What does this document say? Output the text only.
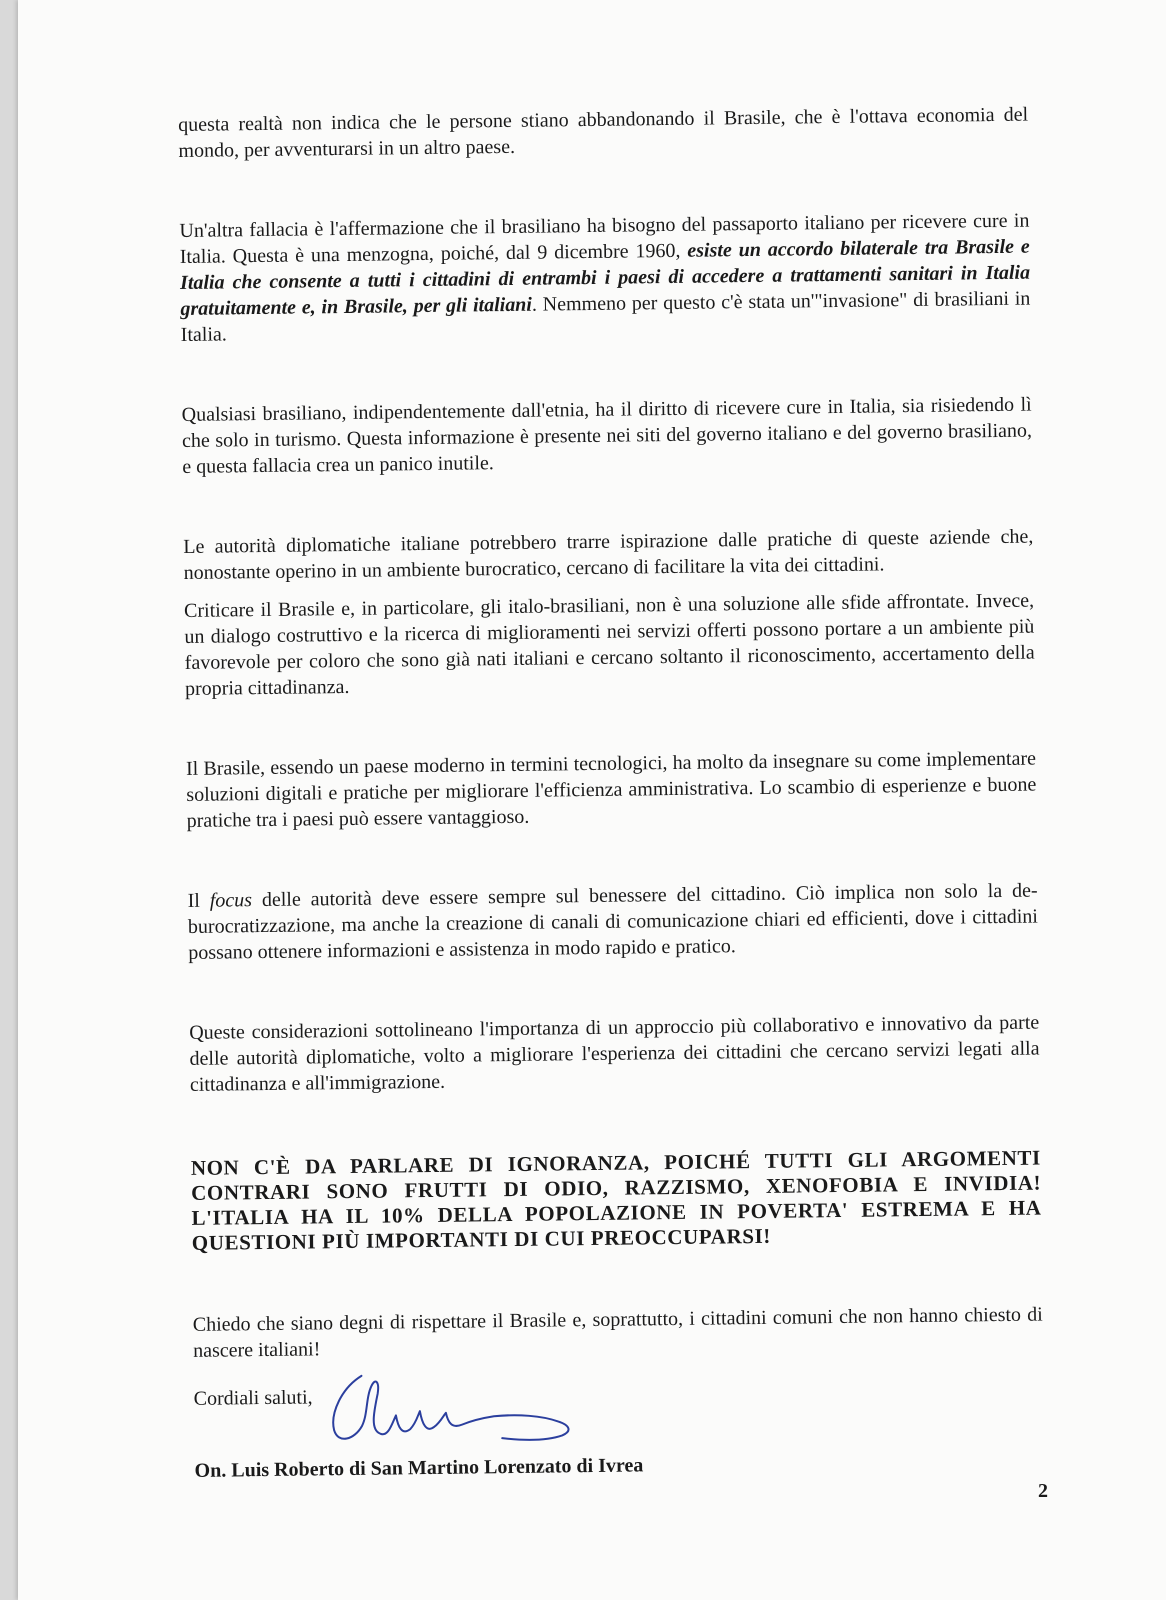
questa realtà non indica che le persone stiano abbandonando il Brasile, che è l'ottava economia del mondo, per avventurarsi in un altro paese.

Un'altra fallacia è l'affermazione che il brasiliano ha bisogno del passaporto italiano per ricevere cure in Italia. Questa è una menzogna, poiché, dal 9 dicembre 1960, esiste un accordo bilaterale tra Brasile e Italia che consente a tutti i cittadini di entrambi i paesi di accedere a trattamenti sanitari in Italia gratuitamente e, in Brasile, per gli italiani. Nemmeno per questo c'è stata un'"invasione" di brasiliani in Italia.

Qualsiasi brasiliano, indipendentemente dall'etnia, ha il diritto di ricevere cure in Italia, sia risiedendo lì che solo in turismo. Questa informazione è presente nei siti del governo italiano e del governo brasiliano, e questa fallacia crea un panico inutile.

Le autorità diplomatiche italiane potrebbero trarre ispirazione dalle pratiche di queste aziende che, nonostante operino in un ambiente burocratico, cercano di facilitare la vita dei cittadini.

Criticare il Brasile e, in particolare, gli italo-brasiliani, non è una soluzione alle sfide affrontate. Invece, un dialogo costruttivo e la ricerca di miglioramenti nei servizi offerti possono portare a un ambiente più favorevole per coloro che sono già nati italiani e cercano soltanto il riconoscimento, accertamento della propria cittadinanza.

Il Brasile, essendo un paese moderno in termini tecnologici, ha molto da insegnare su come implementare soluzioni digitali e pratiche per migliorare l'efficienza amministrativa. Lo scambio di esperienze e buone pratiche tra i paesi può essere vantaggioso.

Il focus delle autorità deve essere sempre sul benessere del cittadino. Ciò implica non solo la de-burocratizzazione, ma anche la creazione di canali di comunicazione chiari ed efficienti, dove i cittadini possano ottenere informazioni e assistenza in modo rapido e pratico.

Queste considerazioni sottolineano l'importanza di un approccio più collaborativo e innovativo da parte delle autorità diplomatiche, volto a migliorare l'esperienza dei cittadini che cercano servizi legati alla cittadinanza e all'immigrazione.

NON C'È DA PARLARE DI IGNORANZA, POICHÉ TUTTI GLI ARGOMENTI CONTRARI SONO FRUTTI DI ODIO, RAZZISMO, XENOFOBIA E INVIDIA! L'ITALIA HA IL 10% DELLA POPOLAZIONE IN POVERTA' ESTREMA E HA QUESTIONI PIÙ IMPORTANTI DI CUI PREOCCUPARSI!

Chiedo che siano degni di rispettare il Brasile e, soprattutto, i cittadini comuni che non hanno chiesto di nascere italiani!

Cordiali saluti,

On. Luis Roberto di San Martino Lorenzato di Ivrea

2
